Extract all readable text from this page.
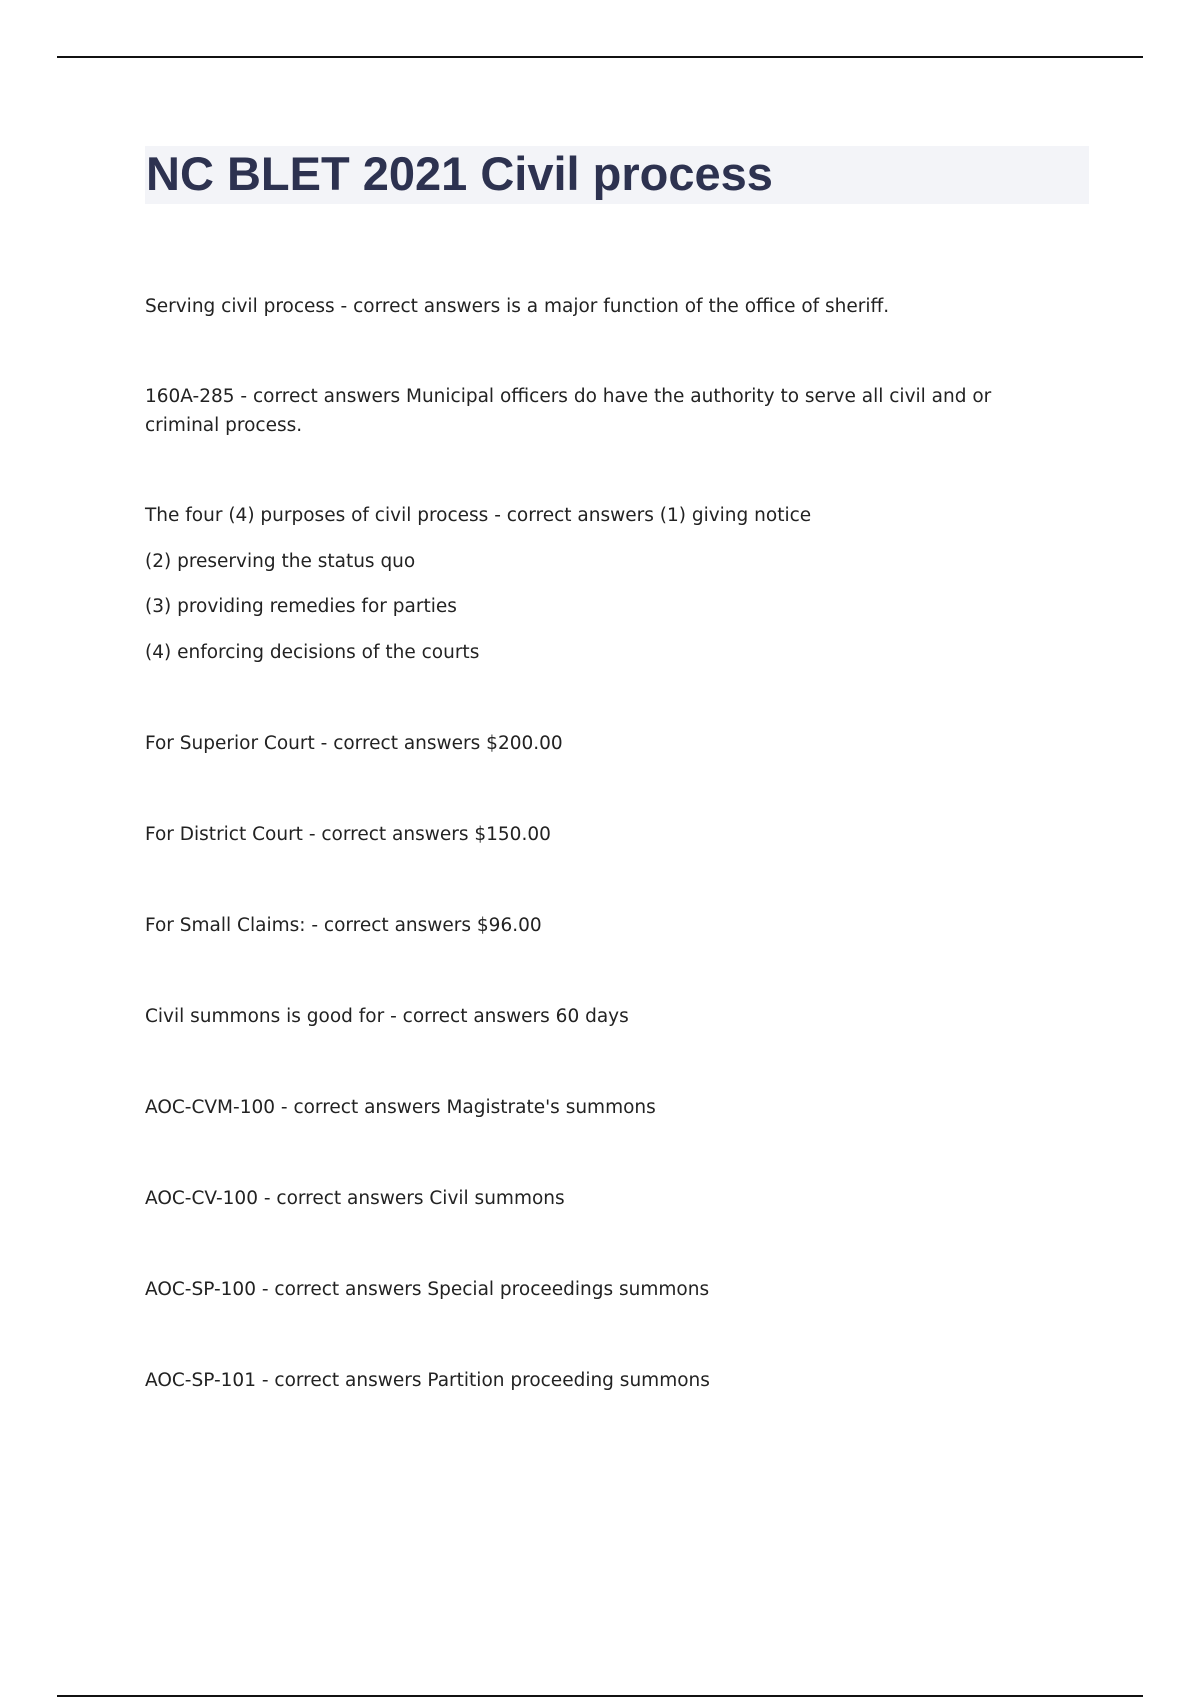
NC BLET 2021 Civil process

Serving civil process - correct answers is a major function of the office of sheriff.

160A-285 - correct answers Municipal officers do have the authority to serve all civil and or criminal process.

The four (4) purposes of civil process - correct answers (1) giving notice

(2) preserving the status quo

(3) providing remedies for parties

(4) enforcing decisions of the courts

For Superior Court - correct answers $200.00

For District Court - correct answers $150.00

For Small Claims: - correct answers $96.00

Civil summons is good for - correct answers 60 days

AOC-CVM-100 - correct answers Magistrate's summons

AOC-CV-100 - correct answers Civil summons

AOC-SP-100 - correct answers Special proceedings summons

AOC-SP-101 - correct answers Partition proceeding summons
